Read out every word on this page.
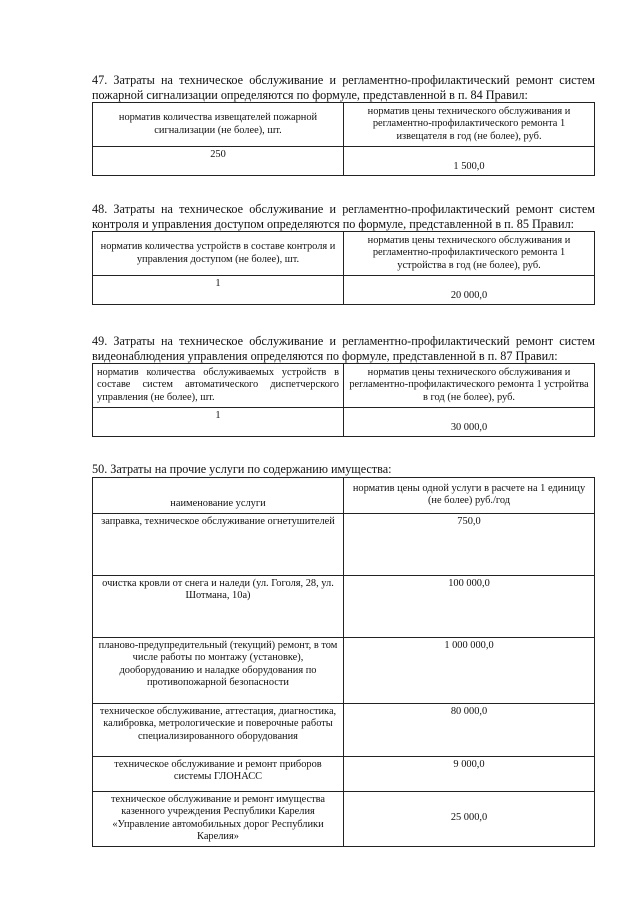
47. Затраты на техническое обслуживание и регламентно-профилактический ремонт систем пожарной сигнализации определяются по формуле, представленной в п. 84 Правил:

норматив количества извещателей пожарной сигнализации (не более), шт.	норматив цены технического обслуживания и регламентно-профилактического ремонта 1 извещателя в год (не более), руб.
250	1 500,0

48. Затраты на техническое обслуживание и регламентно-профилактический ремонт систем контроля и управления доступом определяются по формуле, представленной в п. 85 Правил:

норматив количества устройств в составе контроля и управления доступом (не более), шт.	норматив цены технического обслуживания и регламентно-профилактического ремонта 1 устройства в год (не более), руб.
1	20 000,0

49. Затраты на техническое обслуживание и регламентно-профилактический ремонт систем видеонаблюдения управления определяются по формуле, представленной в п. 87 Правил:

норматив количества обслуживаемых устройств в составе систем автоматического диспетчерского управления (не более), шт.	норматив цены технического обслуживания и регламентно-профилактического ремонта 1 устройтва в год (не более), руб.
1	30 000,0

50. Затраты на прочие услуги по содержанию имущества:

наименование услуги	норматив цены одной услуги в расчете на 1 единицу (не более) руб./год
заправка, техническое обслуживание огнетушителей	750,0
очистка кровли от снега и наледи (ул. Гоголя, 28, ул. Шотмана, 10а)	100 000,0
планово-предупредительный (текущий) ремонт, в том числе работы по монтажу (установке), дооборудованию и наладке оборудования по противопожарной безопасности	1 000 000,0
техническое обслуживание, аттестация, диагностика, калибровка, метрологические и поверочные работы специализированного оборудования	80 000,0
техническое обслуживание и ремонт приборов системы ГЛОНАСС	9 000,0
техническое обслуживание и ремонт имущества казенного учреждения Республики Карелия «Управление автомобильных дорог Республики Карелия»	25 000,0
